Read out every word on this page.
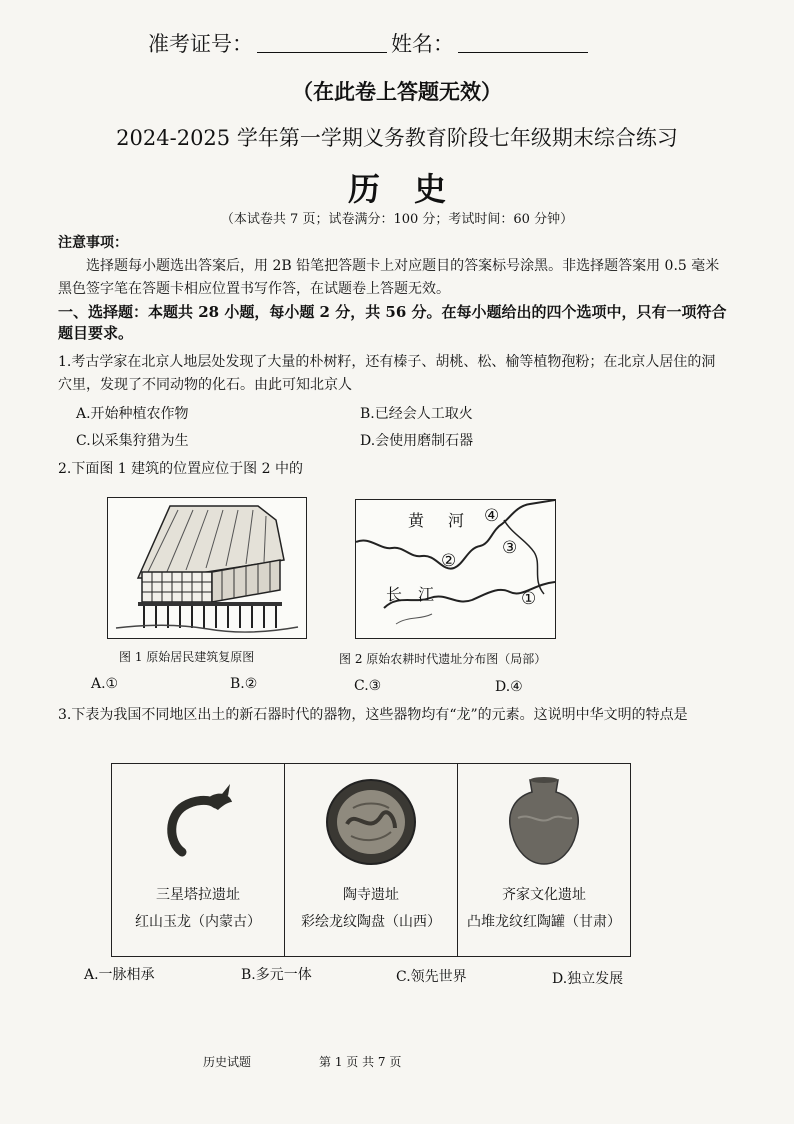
准考证号：	姓名：
（在此卷上答题无效）
2024-2025 学年第一学期义务教育阶段七年级期末综合练习
历史
（本试卷共 7 页；试卷满分：100 分；考试时间：60 分钟）
注意事项：
选择题每小题选出答案后，用 2B 铅笔把答题卡上对应题目的答案标号涂黑。非选择题答案用 0.5 毫米黑色签字笔在答题卡相应位置书写作答，在试题卷上答题无效。
一、选择题：本题共 28 小题，每小题 2 分，共 56 分。在每小题给出的四个选项中，只有一项符合题目要求。
1.考古学家在北京人地层处发现了大量的朴树籽，还有榛子、胡桃、松、榆等植物孢粉；在北京人居住的洞穴里，发现了不同动物的化石。由此可知北京人
A.开始种植农作物	B.已经会人工取火
C.以采集狩猎为生	D.会使用磨制石器
2.下面图 1 建筑的位置应位于图 2 中的
图 1 原始居民建筑复原图
黄 河 ④
③
②
长 江	①
图 2 原始农耕时代遗址分布图（局部）
A.①	B.②	C.③	D.④
3.下表为我国不同地区出土的新石器时代的器物，这些器物均有“龙”的元素。这说明中华文明的特点是
三星塔拉遗址
红山玉龙（内蒙古）

陶寺遗址
彩绘龙纹陶盘（山西）

齐家文化遗址
凸堆龙纹红陶罐（甘肃）
A.一脉相承	B.多元一体	C.领先世界	D.独立发展
历史试题	第 1 页 共 7 页
